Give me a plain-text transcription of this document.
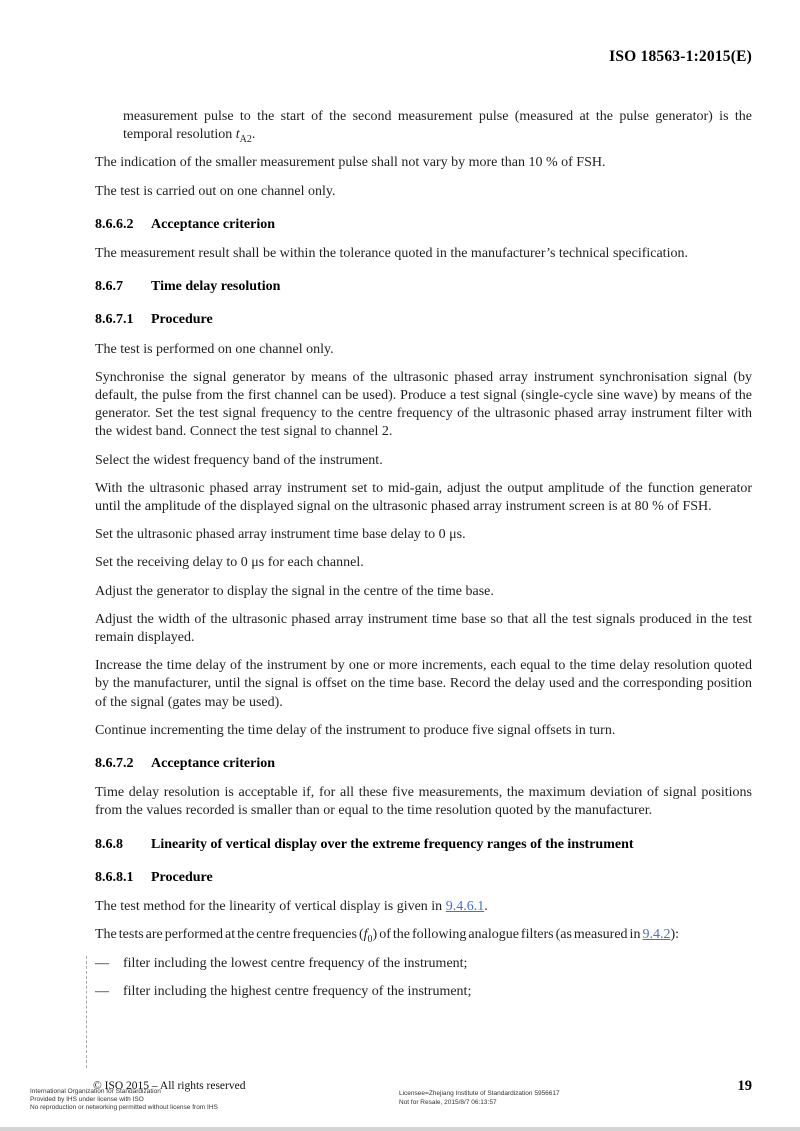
ISO 18563-1:2015(E)

measurement pulse to the start of the second measurement pulse (measured at the pulse generator) is the temporal resolution $t_{A2}$.

The indication of the smaller measurement pulse shall not vary by more than 10 % of FSH.

The test is carried out on one channel only.

8.6.6.2 Acceptance criterion

The measurement result shall be within the tolerance quoted in the manufacturer’s technical specification.

8.6.7 Time delay resolution

8.6.7.1 Procedure

The test is performed on one channel only.

Synchronise the signal generator by means of the ultrasonic phased array instrument synchronisation signal (by default, the pulse from the first channel can be used). Produce a test signal (single-cycle sine wave) by means of the generator. Set the test signal frequency to the centre frequency of the ultrasonic phased array instrument filter with the widest band. Connect the test signal to channel 2.

Select the widest frequency band of the instrument.

With the ultrasonic phased array instrument set to mid-gain, adjust the output amplitude of the function generator until the amplitude of the displayed signal on the ultrasonic phased array instrument screen is at 80 % of FSH.

Set the ultrasonic phased array instrument time base delay to 0 μs.

Set the receiving delay to 0 μs for each channel.

Adjust the generator to display the signal in the centre of the time base.

Adjust the width of the ultrasonic phased array instrument time base so that all the test signals produced in the test remain displayed.

Increase the time delay of the instrument by one or more increments, each equal to the time delay resolution quoted by the manufacturer, until the signal is offset on the time base. Record the delay used and the corresponding position of the signal (gates may be used).

Continue incrementing the time delay of the instrument to produce five signal offsets in turn.

8.6.7.2 Acceptance criterion

Time delay resolution is acceptable if, for all these five measurements, the maximum deviation of signal positions from the values recorded is smaller than or equal to the time resolution quoted by the manufacturer.

8.6.8 Linearity of vertical display over the extreme frequency ranges of the instrument

8.6.8.1 Procedure

The test method for the linearity of vertical display is given in 9.4.6.1.

The tests are performed at the centre frequencies $(f_0)$ of the following analogue filters (as measured in 9.4.2):

— filter including the lowest centre frequency of the instrument;
— filter including the highest centre frequency of the instrument;
International Organization for Standardization
Provided by IHS under license with ISO
No reproduction or networking permitted without license from IHS
© ISO 2015 – All rights reserved
Licensee=Zhejiang Institute of Standardization 5956617
Not for Resale, 2015/8/7 06:13:57
19
